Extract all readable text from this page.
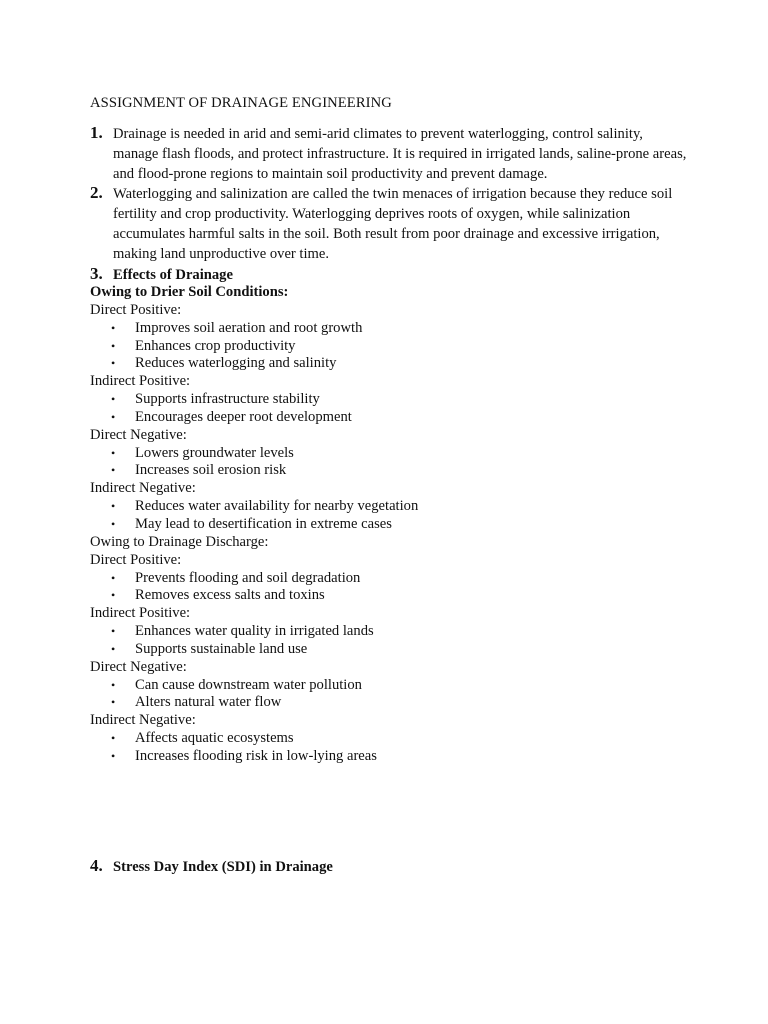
ASSIGNMENT OF DRAINAGE ENGINEERING
1. Drainage is needed in arid and semi-arid climates to prevent waterlogging, control salinity, manage flash floods, and protect infrastructure. It is required in irrigated lands, saline-prone areas, and flood-prone regions to maintain soil productivity and prevent damage.
2. Waterlogging and salinization are called the twin menaces of irrigation because they reduce soil fertility and crop productivity. Waterlogging deprives roots of oxygen, while salinization accumulates harmful salts in the soil. Both result from poor drainage and excessive irrigation, making land unproductive over time.
3. Effects of Drainage
Owing to Drier Soil Conditions:
Direct Positive:
• Improves soil aeration and root growth
• Enhances crop productivity
• Reduces waterlogging and salinity
Indirect Positive:
• Supports infrastructure stability
• Encourages deeper root development
Direct Negative:
• Lowers groundwater levels
• Increases soil erosion risk
Indirect Negative:
• Reduces water availability for nearby vegetation
• May lead to desertification in extreme cases
Owing to Drainage Discharge:
Direct Positive:
• Prevents flooding and soil degradation
• Removes excess salts and toxins
Indirect Positive:
• Enhances water quality in irrigated lands
• Supports sustainable land use
Direct Negative:
• Can cause downstream water pollution
• Alters natural water flow
Indirect Negative:
• Affects aquatic ecosystems
• Increases flooding risk in low-lying areas
4. Stress Day Index (SDI) in Drainage
